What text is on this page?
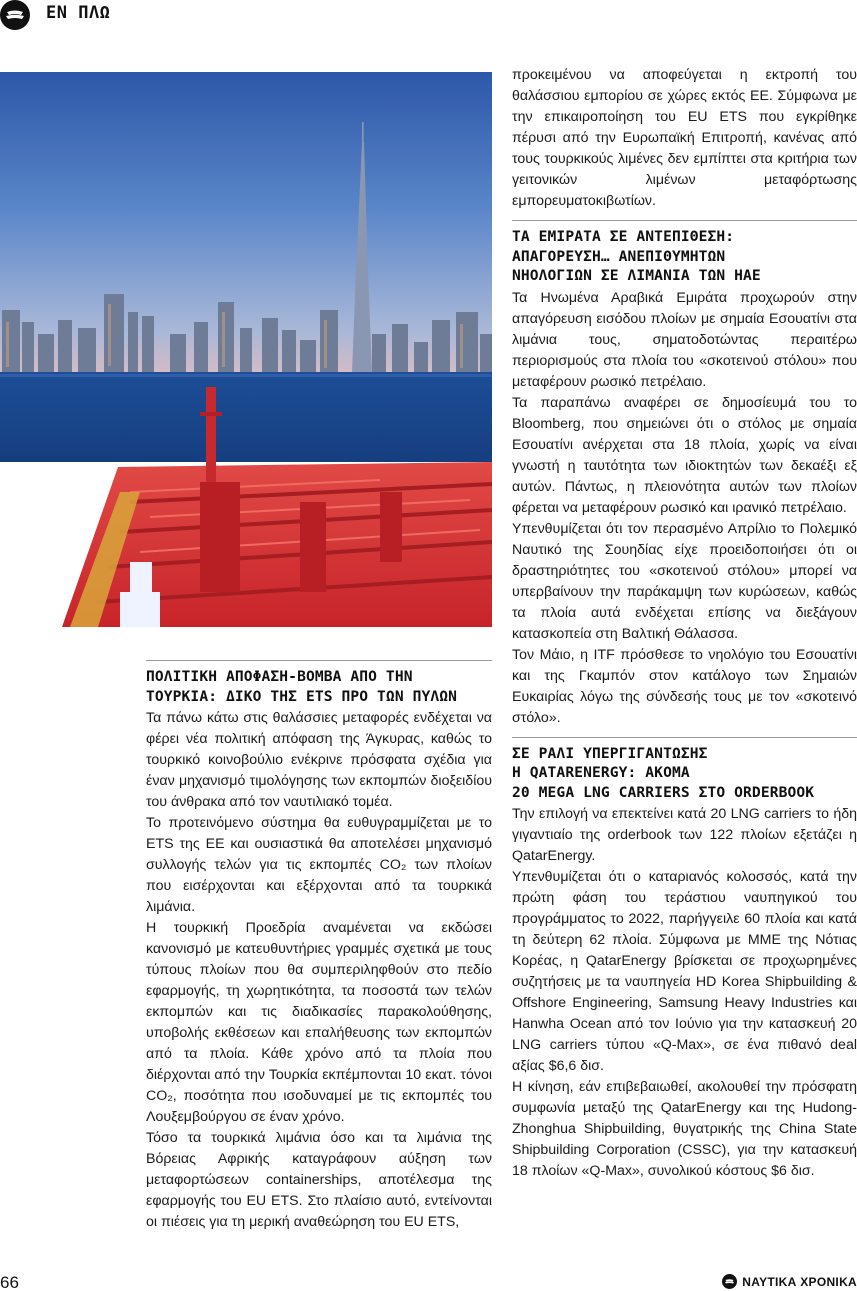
ΕΝ ΠΛΩ
ΠΟΛΙΤΙΚΗ ΑΠΟΦΑΣΗ-ΒΟΜΒΑ ΑΠΟ ΤΗΝ
ΤΟΥΡΚΙΑ: ΔΙΚΟ ΤΗΣ ETS ΠΡΟ ΤΩΝ ΠΥΛΩΝ

Τα πάνω κάτω στις θαλάσσιες μεταφορές ενδέχεται να φέρει νέα πολιτική απόφαση της Άγκυρας, καθώς το τουρκικό κοινοβούλιο ενέκρινε πρόσφατα σχέδια για έναν μηχανισμό τιμολόγησης των εκπομπών διοξειδίου του άνθρακα από τον ναυτιλιακό τομέα.

Το προτεινόμενο σύστημα θα ευθυγραμμίζεται με το ETS της ΕΕ και ουσιαστικά θα αποτελέσει μηχανισμό συλλογής τελών για τις εκπομπές CO₂ των πλοίων που εισέρχονται και εξέρχονται από τα τουρκικά λιμάνια.

Η τουρκική Προεδρία αναμένεται να εκδώσει κανονισμό με κατευθυντήριες γραμμές σχετικά με τους τύπους πλοίων που θα συμπεριληφθούν στο πεδίο εφαρμογής, τη χωρητικότητα, τα ποσοστά των τελών εκπομπών και τις διαδικασίες παρακολούθησης, υποβολής εκθέσεων και επαλήθευσης των εκπομπών από τα πλοία. Κάθε χρόνο από τα πλοία που διέρχονται από την Τουρκία εκπέμπονται 10 εκατ. τόνοι CO₂, ποσότητα που ισοδυναμεί με τις εκπομπές του Λουξεμβούργου σε έναν χρόνο.

Τόσο τα τουρκικά λιμάνια όσο και τα λιμάνια της Βόρειας Αφρικής καταγράφουν αύξηση των μεταφορτώσεων containerships, αποτέλεσμα της εφαρμογής του EU ETS. Στο πλαίσιο αυτό, εντείνονται οι πιέσεις για τη μερική αναθεώρηση του EU ETS,

προκειμένου να αποφεύγεται η εκτροπή του θαλάσσιου εμπορίου σε χώρες εκτός ΕΕ. Σύμφωνα με την επικαιροποίηση του EU ETS που εγκρίθηκε πέρυσι από την Ευρωπαϊκή Επιτροπή, κανένας από τους τουρκικούς λιμένες δεν εμπίπτει στα κριτήρια των γειτονικών λιμένων μεταφόρτωσης εμπορευματοκιβωτίων.

ΤΑ ΕΜΙΡΑΤΑ ΣΕ ΑΝΤΕΠΙΘΕΣΗ:
ΑΠΑΓΟΡΕΥΣΗ… ΑΝΕΠΙΘΥΜΗΤΩΝ
ΝΗΟΛΟΓΙΩΝ ΣΕ ΛΙΜΑΝΙΑ ΤΩΝ ΗΑΕ

Τα Ηνωμένα Αραβικά Εμιράτα προχωρούν στην απαγόρευση εισόδου πλοίων με σημαία Εσουατίνι στα λιμάνια τους, σηματοδοτώντας περαιτέρω περιορισμούς στα πλοία του «σκοτεινού στόλου» που μεταφέρουν ρωσικό πετρέλαιο.

Τα παραπάνω αναφέρει σε δημοσίευμά του το Bloomberg, που σημειώνει ότι ο στόλος με σημαία Εσουατίνι ανέρχεται στα 18 πλοία, χωρίς να είναι γνωστή η ταυτότητα των ιδιοκτητών των δεκαέξι εξ αυτών. Πάντως, η πλειονότητα αυτών των πλοίων φέρεται να μεταφέρουν ρωσικό και ιρανικό πετρέλαιο.

Υπενθυμίζεται ότι τον περασμένο Απρίλιο το Πολεμικό Ναυτικό της Σουηδίας είχε προειδοποιήσει ότι οι δραστηριότητες του «σκοτεινού στόλου» μπορεί να υπερβαίνουν την παράκαμψη των κυρώσεων, καθώς τα πλοία αυτά ενδέχεται επίσης να διεξάγουν κατασκοπεία στη Βαλτική Θάλασσα.

Τον Μάιο, η ITF πρόσθεσε το νηολόγιο του Εσουατίνι και της Γκαμπόν στον κατάλογο των Σημαιών Ευκαιρίας λόγω της σύνδεσής τους με τον «σκοτεινό στόλο».

ΣΕ ΡΑΛΙ ΥΠΕΡΓΙΓΑΝΤΩΣΗΣ
Η QATARENERGY: ΑΚΟΜΑ
20 MEGA LNG CARRIERS ΣΤΟ ORDERBOOK

Την επιλογή να επεκτείνει κατά 20 LNG carriers το ήδη γιγαντιαίο της orderbook των 122 πλοίων εξετάζει η QatarEnergy.

Υπενθυμίζεται ότι ο καταριανός κολοσσός, κατά την πρώτη φάση του τεράστιου ναυπηγικού του προγράμματος το 2022, παρήγγειλε 60 πλοία και κατά τη δεύτερη 62 πλοία. Σύμφωνα με ΜΜΕ της Νότιας Κορέας, η QatarEnergy βρίσκεται σε προχωρημένες συζητήσεις με τα ναυπηγεία HD Korea Shipbuilding & Offshore Engineering, Samsung Heavy Industries και Hanwha Ocean από τον Ιούνιο για την κατασκευή 20 LNG carriers τύπου «Q-Max», σε ένα πιθανό deal αξίας $6,6 δισ.

Η κίνηση, εάν επιβεβαιωθεί, ακολουθεί την πρόσφατη συμφωνία μεταξύ της QatarEnergy και της Hudong-Zhonghua Shipbuilding, θυγατρικής της China State Shipbuilding Corporation (CSSC), για την κατασκευή 18 πλοίων «Q-Max», συνολικού κόστους $6 δισ.

66	ΝΑΥΤΙΚΑ ΧΡΟΝΙΚΑ
